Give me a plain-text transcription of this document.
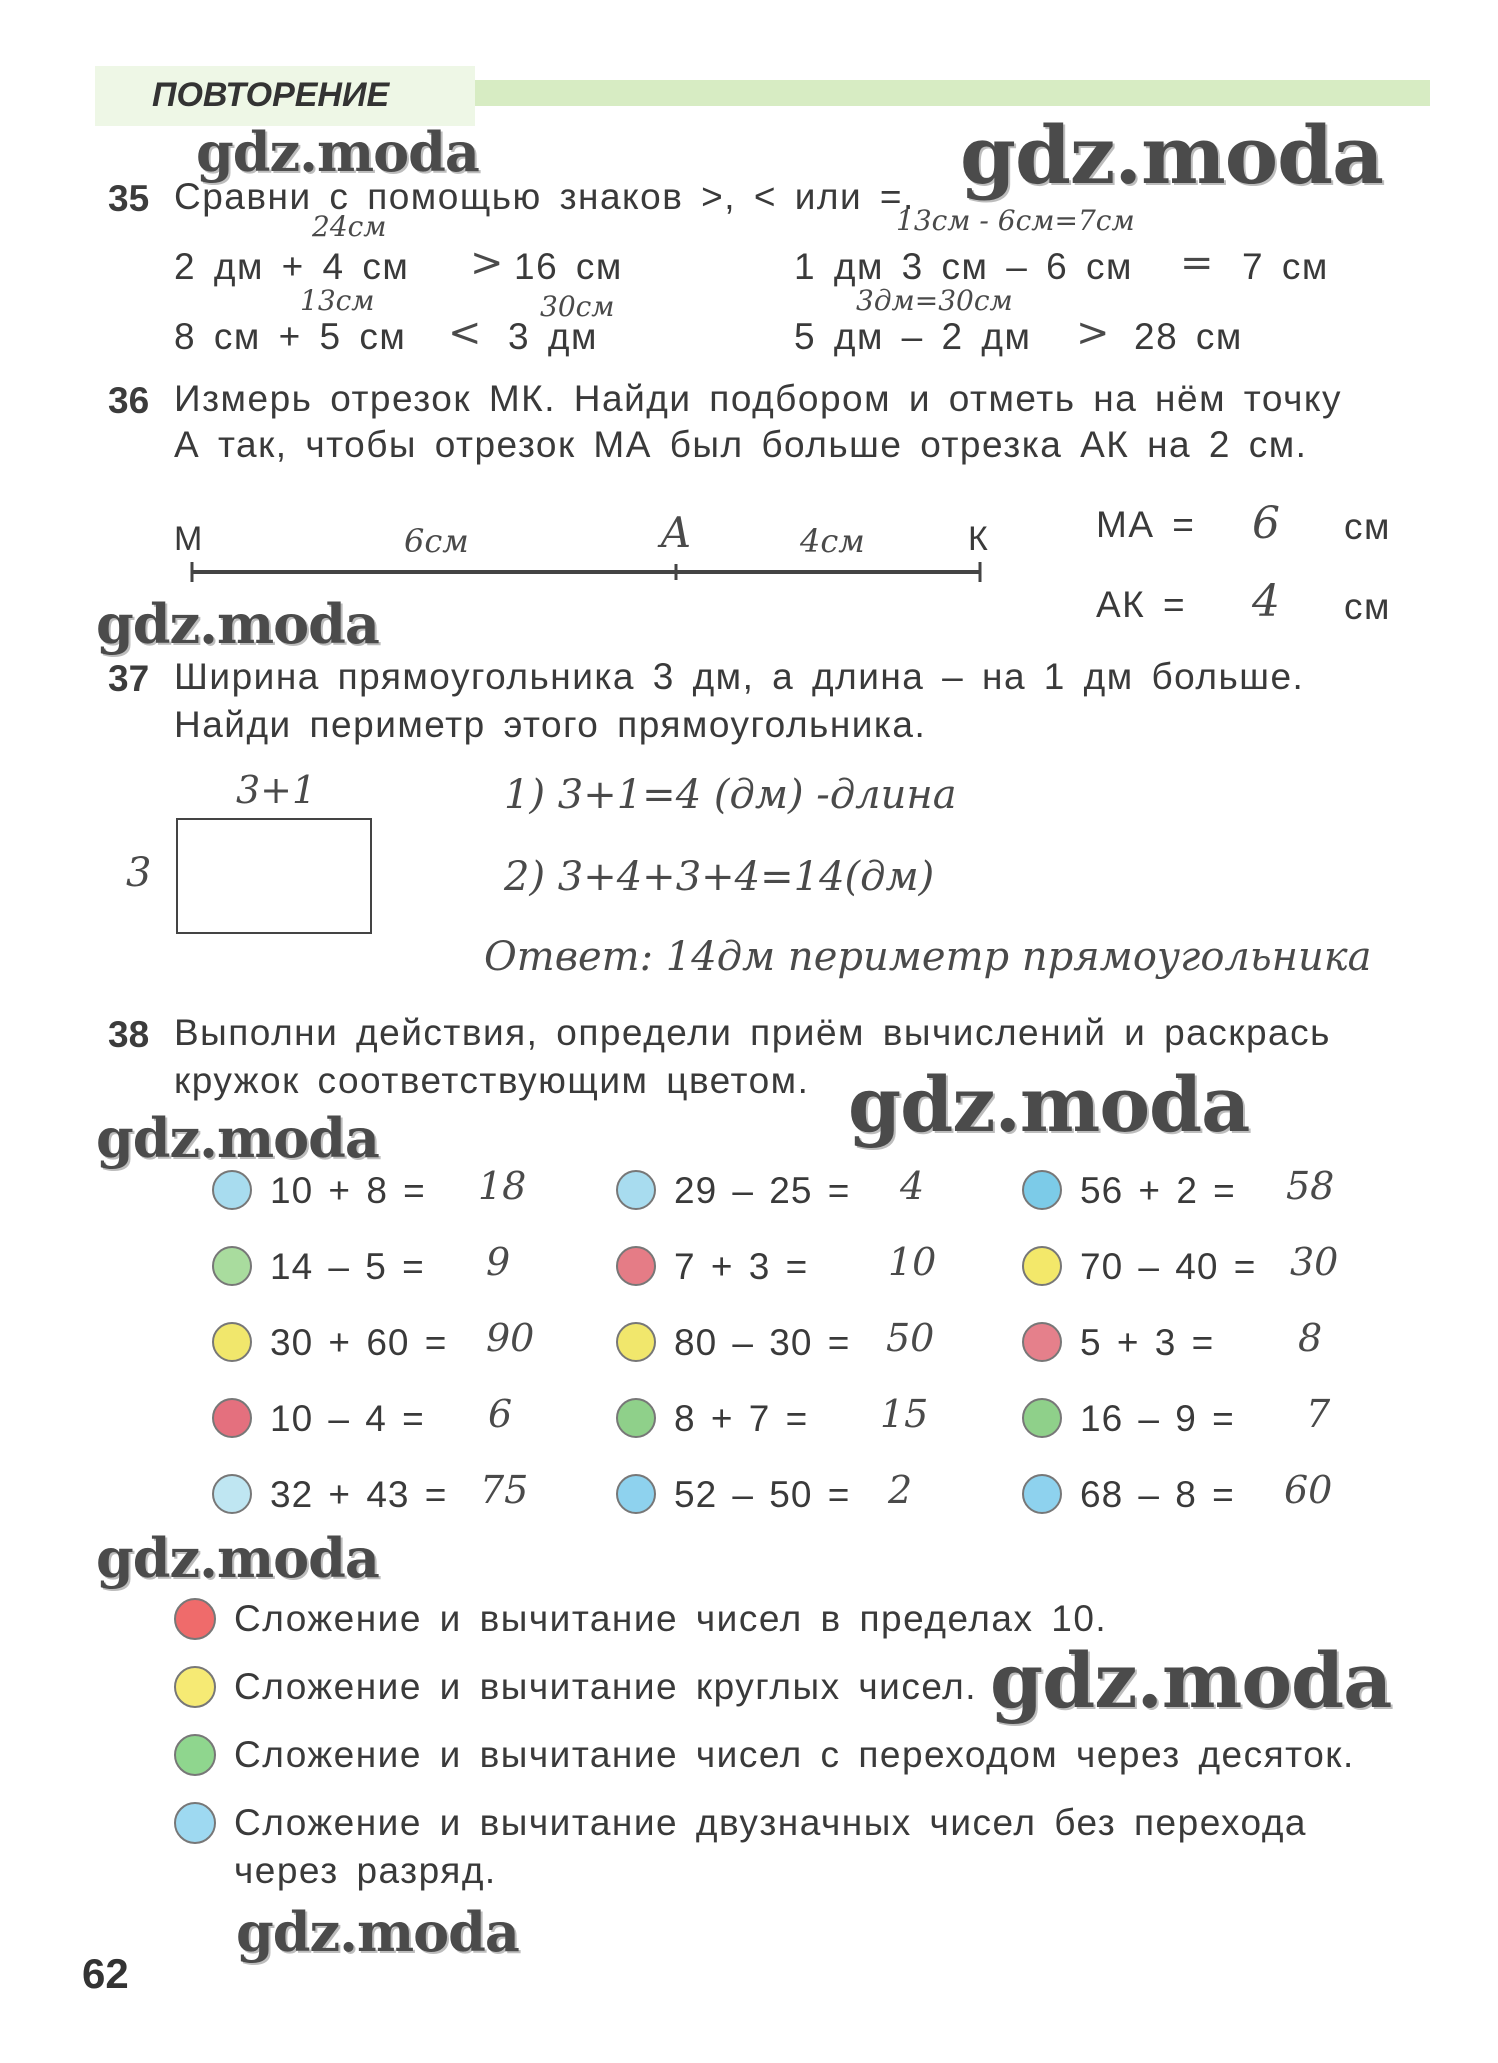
ПОВТОРЕНИЕ
gdz.moda	gdz.moda
gdz.moda
gdz.moda
gdz.moda
gdz.moda
gdz.moda
gdz.moda
35 Сравни с помощью знаков >, < или =.
24см
2 дм + 4 см > 16 см
13см - 6см=7см
1 дм 3 см – 6 см = 7 см
13см	30см
8 см + 5 см < 3 дм
3дм=30см
5 дм – 2 дм > 28 см
36 Измерь отрезок МК. Найди подбором и отметь на нём точку
А так, чтобы отрезок МА был больше отрезка АК на 2 см.
М	6см	А	4см	К	МА = 6 см
АК = 4 см
37 Ширина прямоугольника 3 дм, а длина – на 1 дм больше.
Найди периметр этого прямоугольника.
3+1
3
1) 3+1=4 (дм) -длина
2) 3+4+3+4=14(дм)
Ответ: 14дм периметр прямоугольника
38 Выполни действия, определи приём вычислений и раскрась
кружок соответствующим цветом.
10 + 8 = 18	29 – 25 = 4	56 + 2 = 58
14 – 5 = 9	7 + 3 = 10	70 – 40 = 30
30 + 60 = 90	80 – 30 = 50	5 + 3 = 8
10 – 4 = 6	8 + 7 = 15	16 – 9 = 7
32 + 43 = 75	52 – 50 = 2	68 – 8 = 60
Сложение и вычитание чисел в пределах 10.
Сложение и вычитание круглых чисел.
Сложение и вычитание чисел с переходом через десяток.
Сложение и вычитание двузначных чисел без перехода
через разряд.
62
